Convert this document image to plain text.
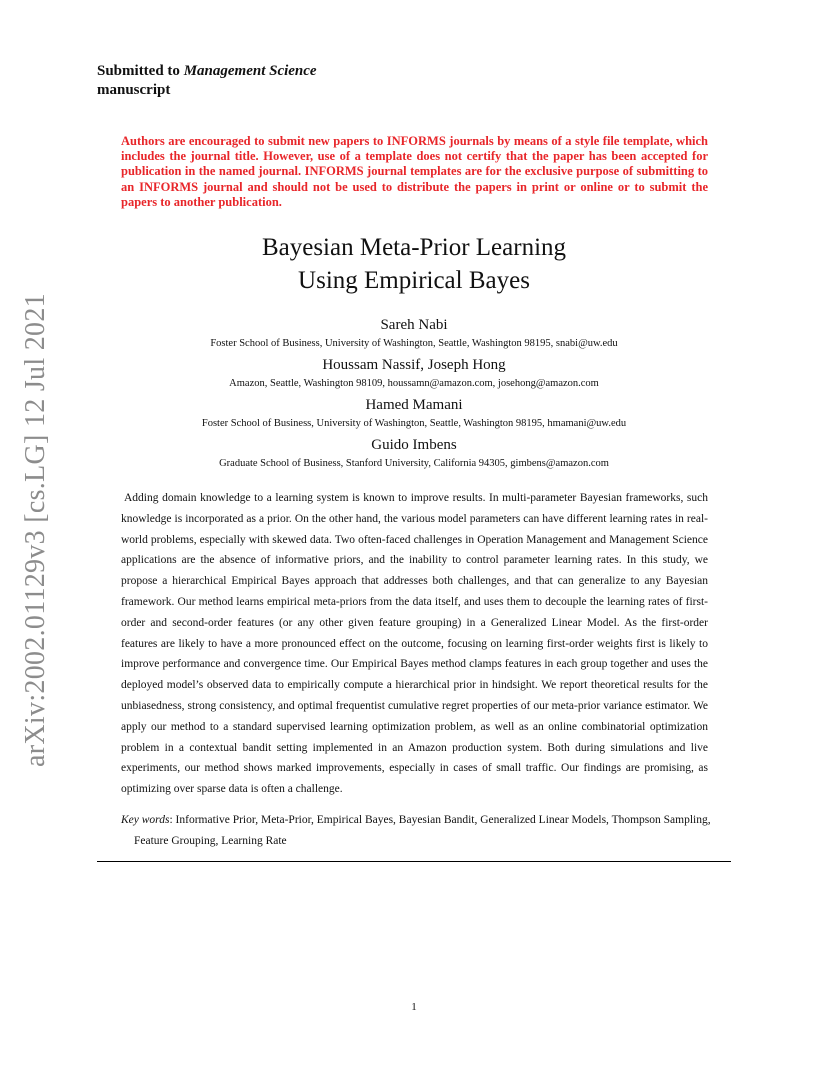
Submitted to Management Science
manuscript
Authors are encouraged to submit new papers to INFORMS journals by means of a style file template, which includes the journal title. However, use of a template does not certify that the paper has been accepted for publication in the named journal. INFORMS journal templates are for the exclusive purpose of submitting to an INFORMS journal and should not be used to distribute the papers in print or online or to submit the papers to another publication.
Bayesian Meta-Prior Learning
Using Empirical Bayes
Sareh Nabi
Foster School of Business, University of Washington, Seattle, Washington 98195, snabi@uw.edu
Houssam Nassif, Joseph Hong
Amazon, Seattle, Washington 98109, houssamn@amazon.com, josehong@amazon.com
Hamed Mamani
Foster School of Business, University of Washington, Seattle, Washington 98195, hmamani@uw.edu
Guido Imbens
Graduate School of Business, Stanford University, California 94305, gimbens@amazon.com
Adding domain knowledge to a learning system is known to improve results. In multi-parameter Bayesian frameworks, such knowledge is incorporated as a prior. On the other hand, the various model parameters can have different learning rates in real-world problems, especially with skewed data. Two often-faced challenges in Operation Management and Management Science applications are the absence of informative priors, and the inability to control parameter learning rates. In this study, we propose a hierarchical Empirical Bayes approach that addresses both challenges, and that can generalize to any Bayesian framework. Our method learns empirical meta-priors from the data itself, and uses them to decouple the learning rates of first-order and second-order features (or any other given feature grouping) in a Generalized Linear Model. As the first-order features are likely to have a more pronounced effect on the outcome, focusing on learning first-order weights first is likely to improve performance and convergence time. Our Empirical Bayes method clamps features in each group together and uses the deployed model’s observed data to empirically compute a hierarchical prior in hindsight. We report theoretical results for the unbiasedness, strong consistency, and optimal frequentist cumulative regret properties of our meta-prior variance estimator. We apply our method to a standard supervised learning optimization problem, as well as an online combinatorial optimization problem in a contextual bandit setting implemented in an Amazon production system. Both during simulations and live experiments, our method shows marked improvements, especially in cases of small traffic. Our findings are promising, as optimizing over sparse data is often a challenge.
Key words: Informative Prior, Meta-Prior, Empirical Bayes, Bayesian Bandit, Generalized Linear Models, Thompson Sampling, Feature Grouping, Learning Rate
1
arXiv:2002.01129v3 [cs.LG] 12 Jul 2021
